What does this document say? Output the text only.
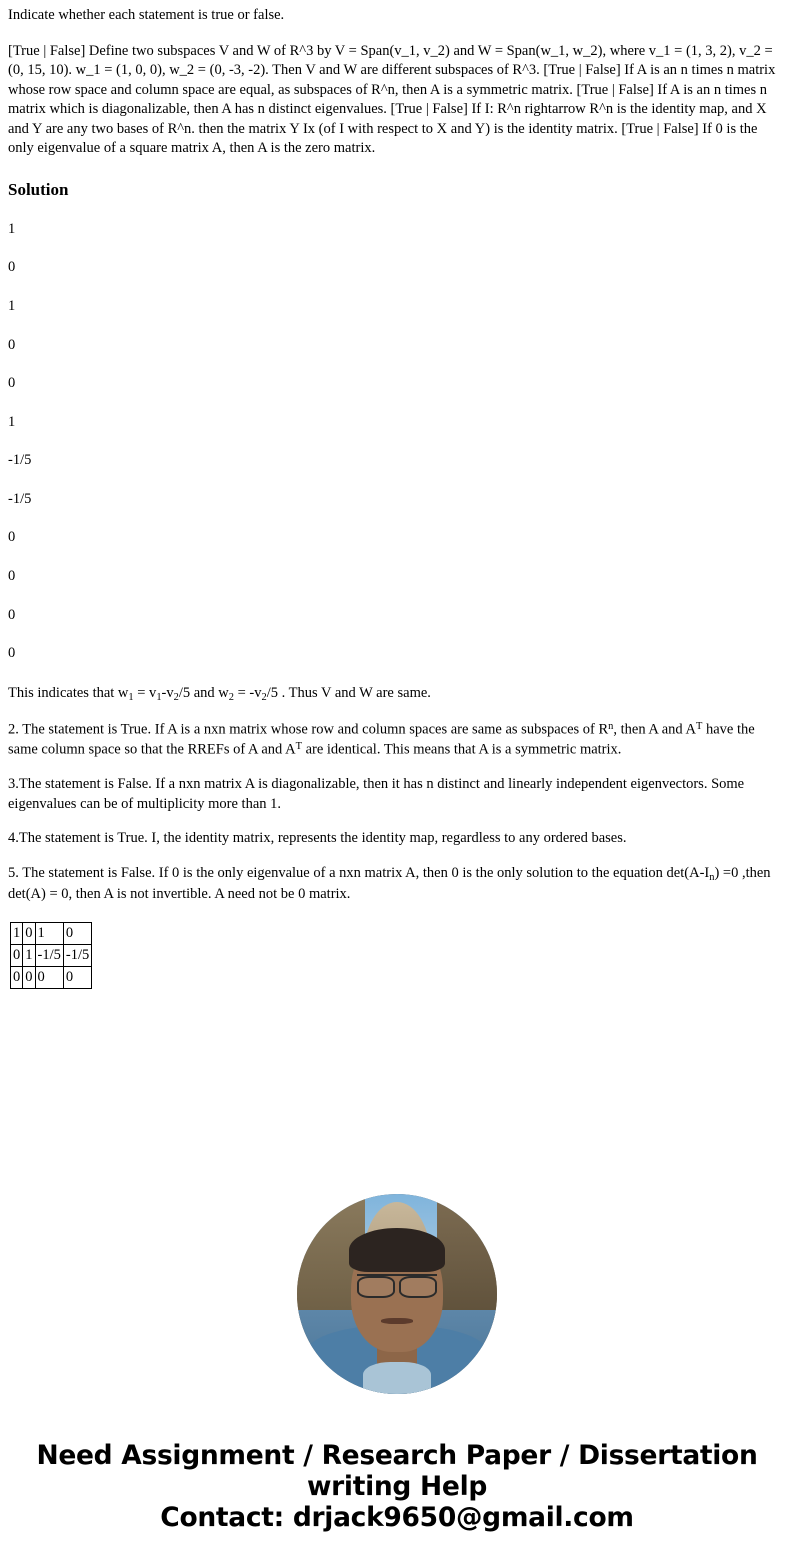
Indicate whether each statement is true or false.

[True | False] Define two subspaces V and W of R^3 by V = Span(v_1, v_2) and W = Span(w_1, w_2), where v_1 = (1, 3, 2), v_2 = (0, 15, 10). w_1 = (1, 0, 0), w_2 = (0, -3, -2). Then V and W are different subspaces of R^3. [True | False] If A is an n times n matrix whose row space and column space are equal, as subspaces of R^n, then A is a symmetric matrix. [True | False] If A is an n times n matrix which is diagonalizable, then A has n distinct eigenvalues. [True | False] If I: R^n rightarrow R^n is the identity map, and X and Y are any two bases of R^n. then the matrix Y Ix (of I with respect to X and Y) is the identity matrix. [True | False] If 0 is the only eigenvalue of a square matrix A, then A is the zero matrix.

Solution
1
0
1
0
0
1
-1/5
-1/5
0
0
0
0

This indicates that $w_1 = v_1-v_2/5$ and $w_2 = -v_2/5$ . Thus V and W are same.

2. The statement is True. If A is a nxn matrix whose row and column spaces are same as subspaces of $R^n$, then A and $A^T$ have the same column space so that the RREFs of A and $A^T$ are identical. This means that A is a symmetric matrix.

3.The statement is False. If a nxn matrix A is diagonalizable, then it has n distinct and linearly independent eigenvectors. Some eigenvalues can be of multiplicity more than 1.

4.The statement is True. I, the identity matrix, represents the identity map, regardless to any ordered bases.

5. The statement is False. If 0 is the only eigenvalue of a nxn matrix A, then 0 is the only solution to the equation $\det(A-I_n) =0$ ,then det(A) = 0, then A is not invertible. A need not be 0 matrix.

1	0	1	0
0	1	-1/5	-1/5
0	0	0	0
Need Assignment / Research Paper / Dissertation
writing Help
Contact: drjack9650@gmail.com
